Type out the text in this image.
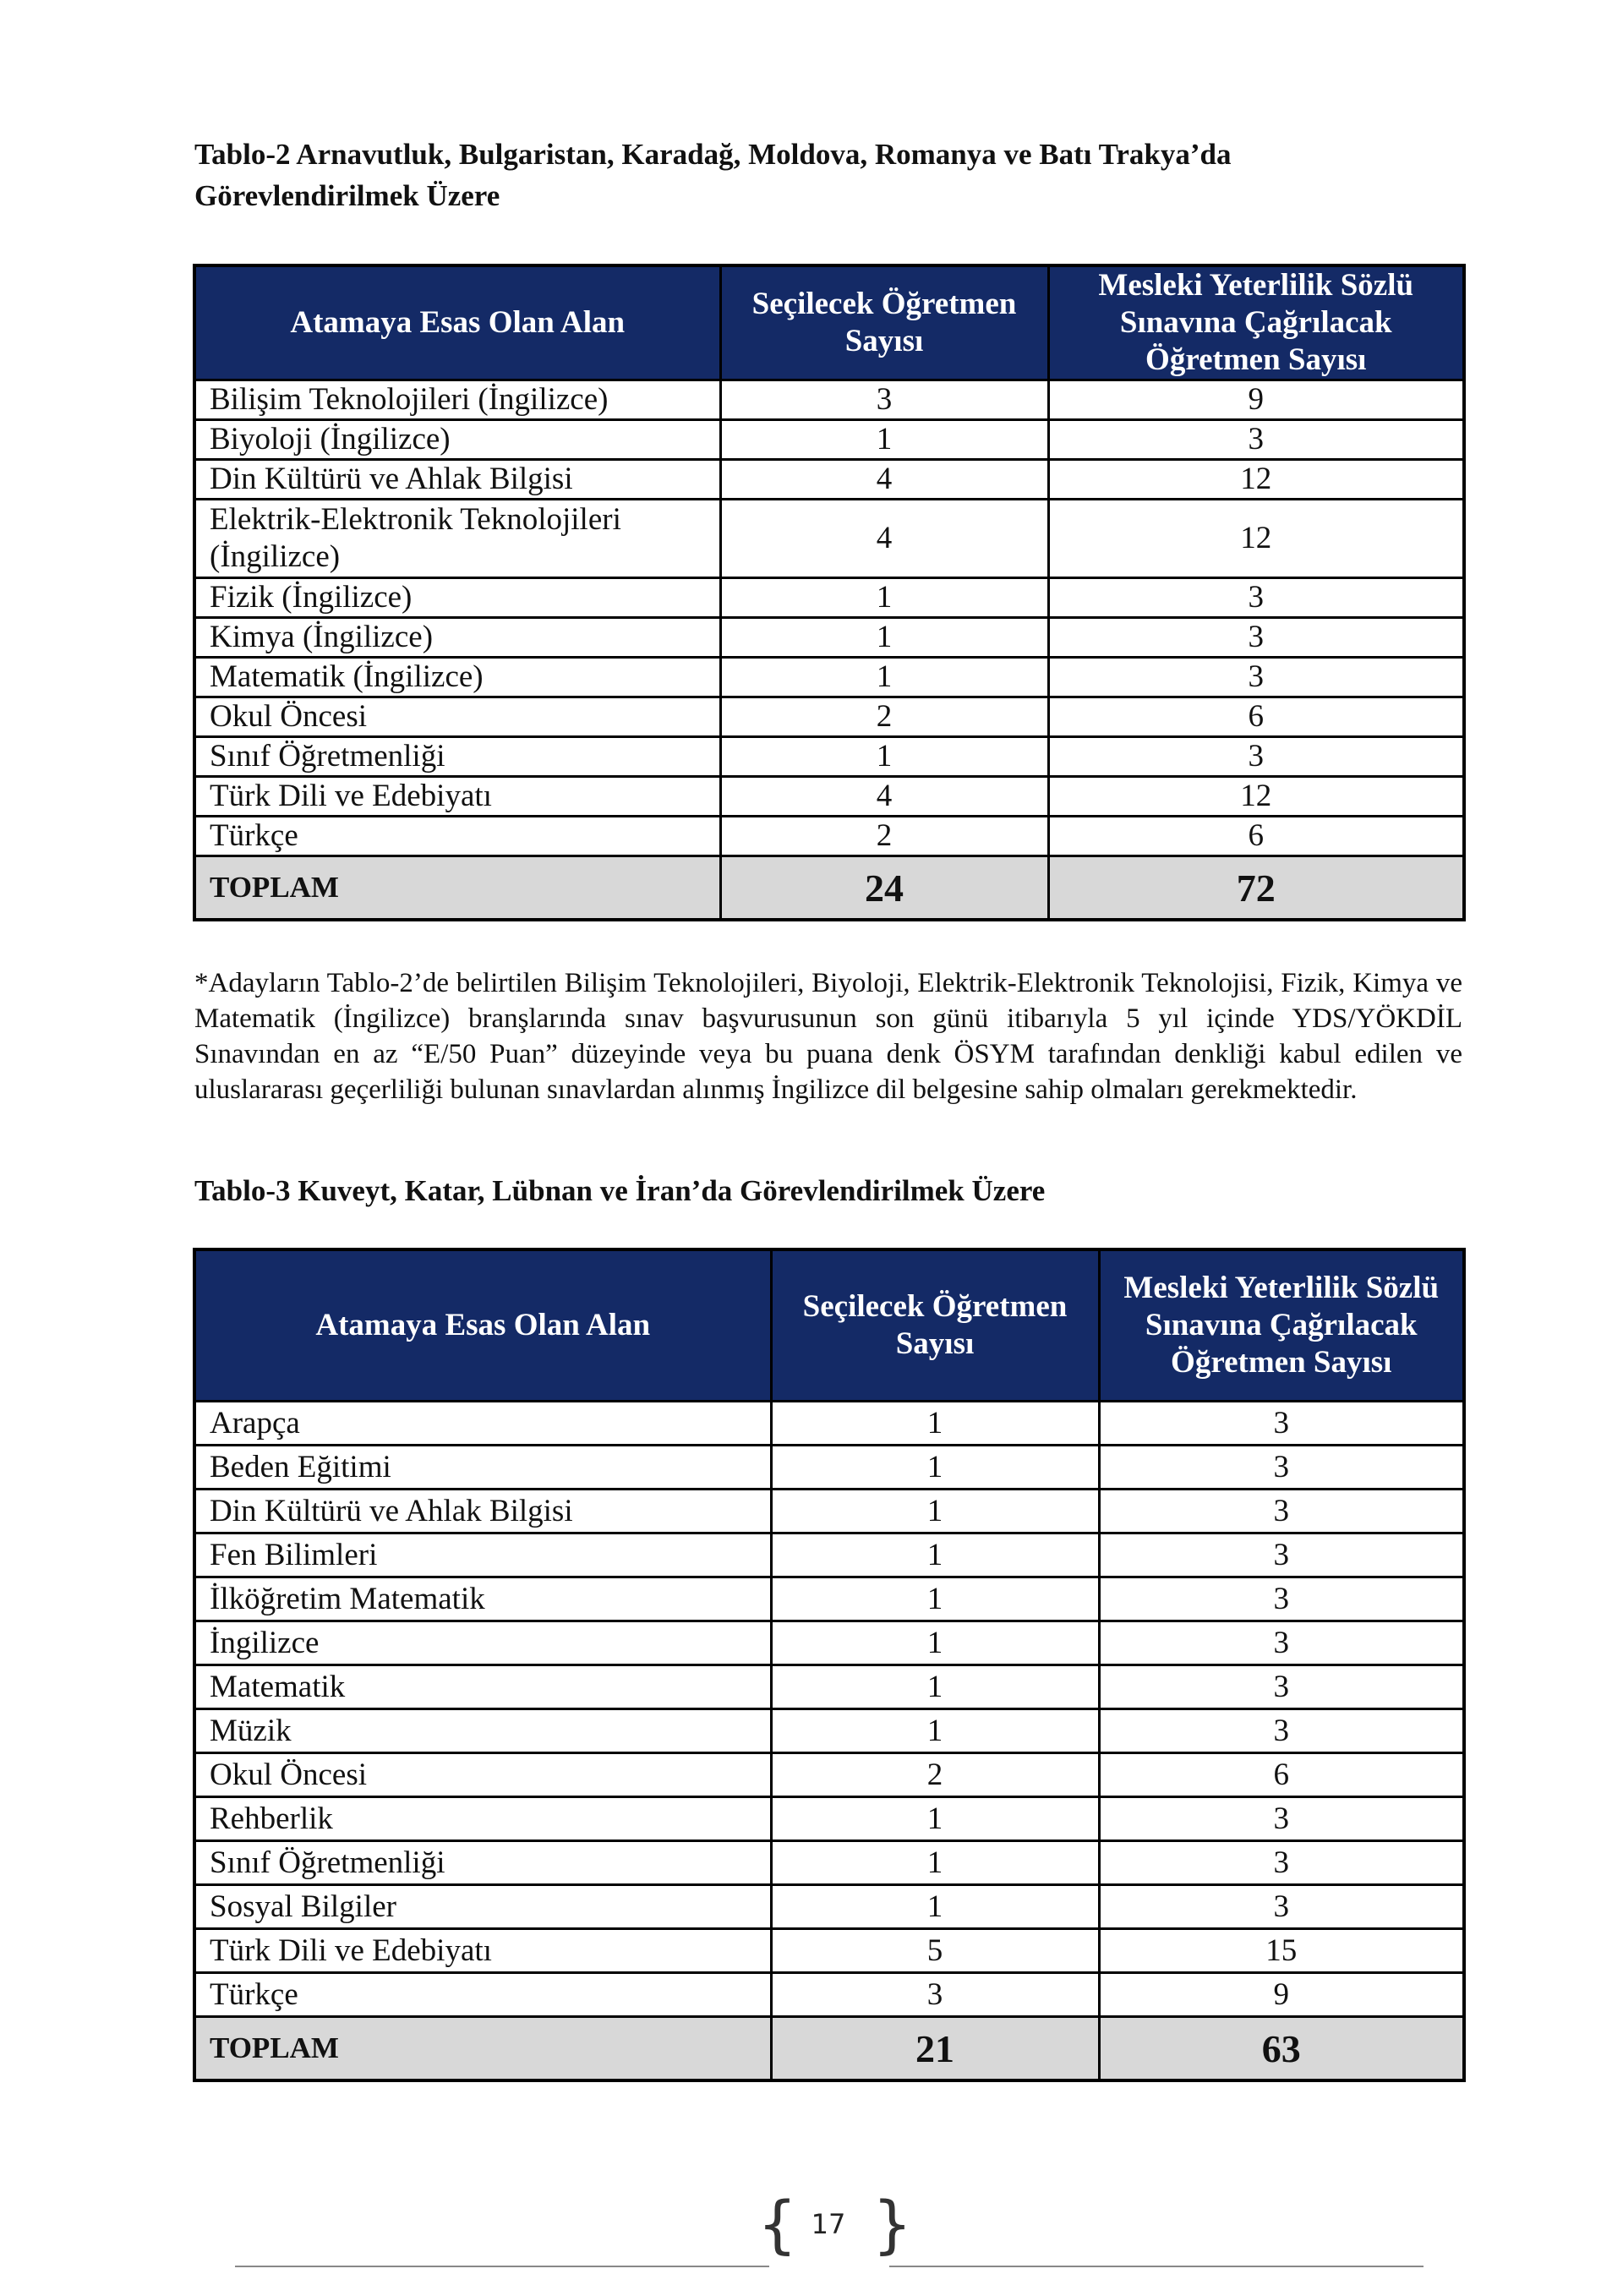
Tablo-2 Arnavutluk, Bulgaristan, Karadağ, Moldova, Romanya ve Batı Trakya’da Görevlendirilmek Üzere

Atamaya Esas Olan Alan	Seçilecek Öğretmen Sayısı	Mesleki Yeterlilik Sözlü Sınavına Çağrılacak Öğretmen Sayısı
Bilişim Teknolojileri (İngilizce)	3	9
Biyoloji (İngilizce)	1	3
Din Kültürü ve Ahlak Bilgisi	4	12
Elektrik-Elektronik Teknolojileri (İngilizce)	4	12
Fizik (İngilizce)	1	3
Kimya (İngilizce)	1	3
Matematik (İngilizce)	1	3
Okul Öncesi	2	6
Sınıf Öğretmenliği	1	3
Türk Dili ve Edebiyatı	4	12
Türkçe	2	6
TOPLAM	24	72

*Adayların Tablo-2’de belirtilen Bilişim Teknolojileri, Biyoloji, Elektrik-Elektronik Teknolojisi, Fizik, Kimya ve Matematik (İngilizce) branşlarında sınav başvurusunun son günü itibarıyla 5 yıl içinde YDS/YÖKDİL Sınavından en az “E/50 Puan” düzeyinde veya bu puana denk ÖSYM tarafından denkliği kabul edilen ve uluslararası geçerliliği bulunan sınavlardan alınmış İngilizce dil belgesine sahip olmaları gerekmektedir.

Tablo-3 Kuveyt, Katar, Lübnan ve İran’da Görevlendirilmek Üzere

Atamaya Esas Olan Alan	Seçilecek Öğretmen Sayısı	Mesleki Yeterlilik Sözlü Sınavına Çağrılacak Öğretmen Sayısı
Arapça	1	3
Beden Eğitimi	1	3
Din Kültürü ve Ahlak Bilgisi	1	3
Fen Bilimleri	1	3
İlköğretim Matematik	1	3
İngilizce	1	3
Matematik	1	3
Müzik	1	3
Okul Öncesi	2	6
Rehberlik	1	3
Sınıf Öğretmenliği	1	3
Sosyal Bilgiler	1	3
Türk Dili ve Edebiyatı	5	15
Türkçe	3	9
TOPLAM	21	63
{ }
17
